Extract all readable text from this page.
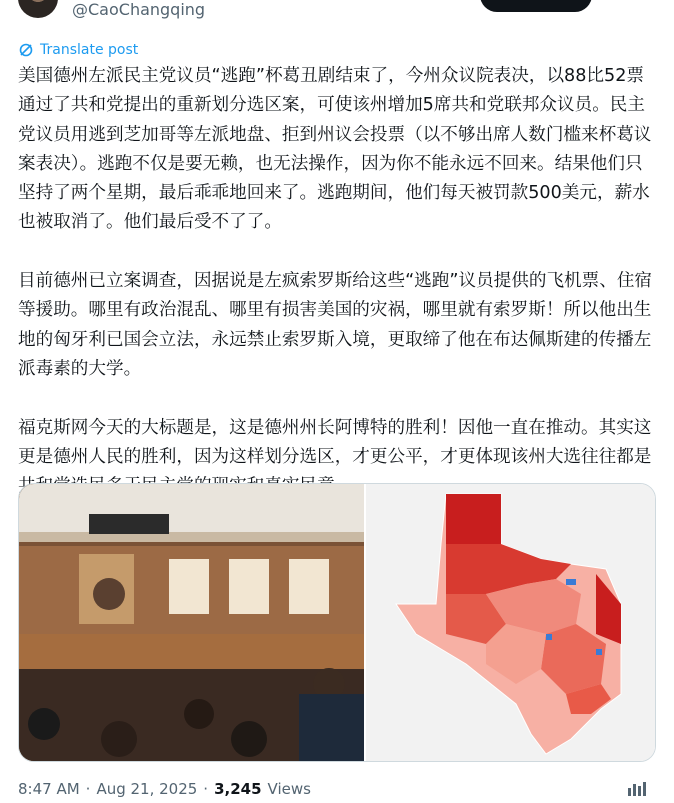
@CaoChangqing
Translate post

美国德州左派民主党议员“逃跑”杯葛丑剧结束了，今州众议院表决，以88比52票通过了共和党提出的重新划分选区案，可使该州增加5席共和党联邦众议员。民主党议员用逃到芝加哥等左派地盘、拒到州议会投票（以不够出席人数门槛来杯葛议案表决）。逃跑不仅是要无赖，也无法操作，因为你不能永远不回来。结果他们只坚持了两个星期，最后乖乖地回来了。逃跑期间，他们每天被罚款500美元，薪水也被取消了。他们最后受不了了。

目前德州已立案调查，因据说是左疯索罗斯给这些“逃跑”议员提供的飞机票、住宿等援助。哪里有政治混乱、哪里有损害美国的灾祸，哪里就有索罗斯！所以他出生地的匈牙利已国会立法，永远禁止索罗斯入境，更取缔了他在布达佩斯建的传播左派毒素的大学。

福克斯网今天的大标题是，这是德州州长阿博特的胜利！因他一直在推动。其实这更是德州人民的胜利，因为这样划分选区，才更公平，才更体现该州大选往往都是

8:47 AM · Aug 21, 2025 · 3,245 Views
